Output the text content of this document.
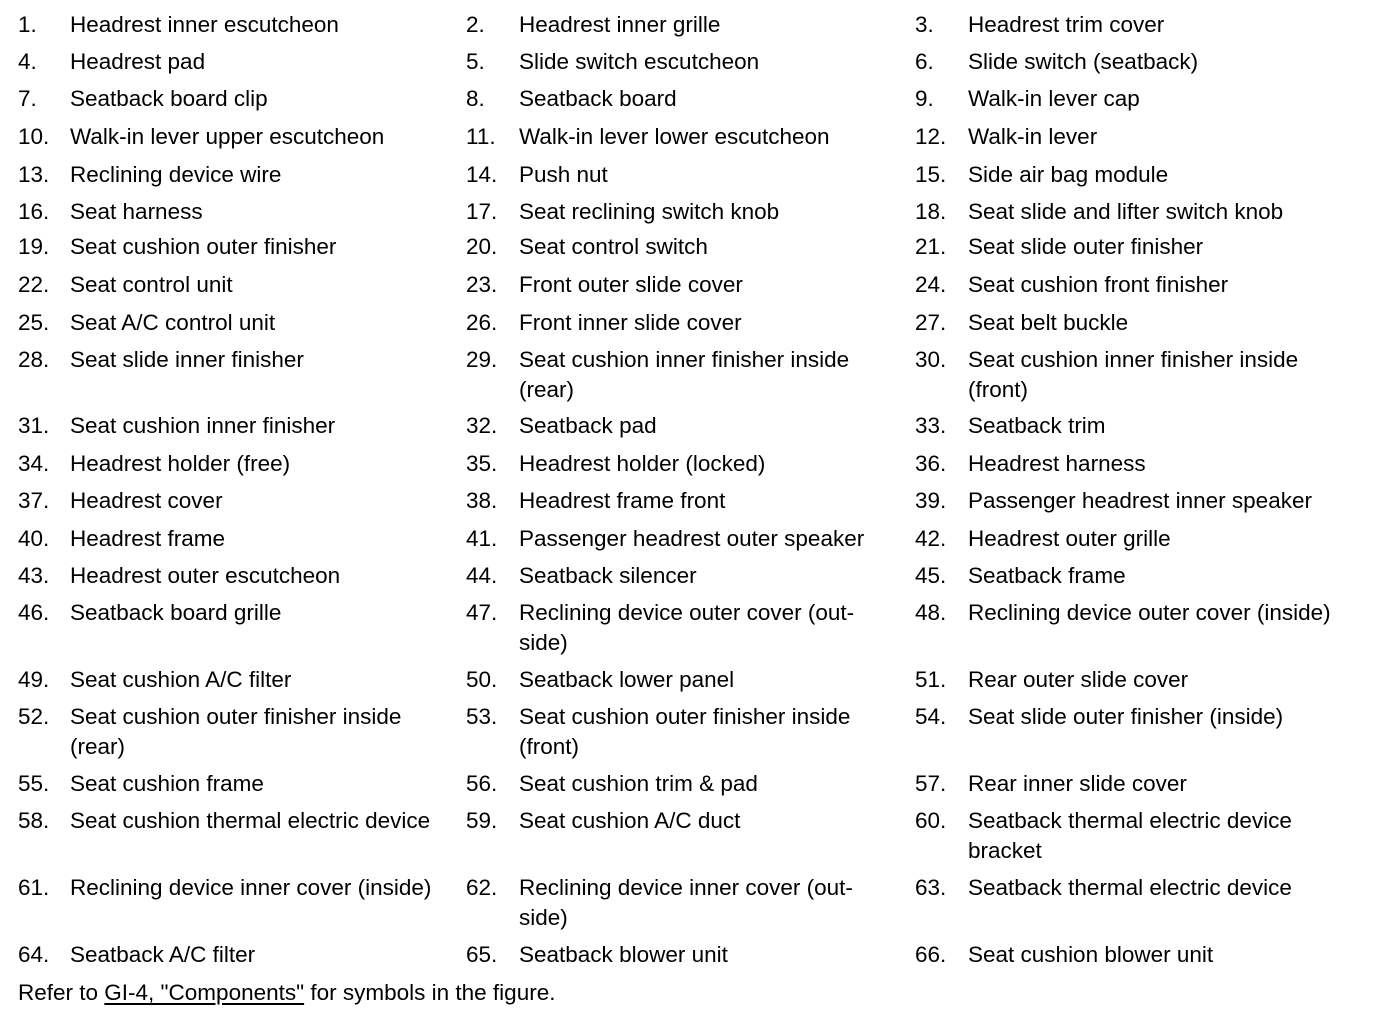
1. Headrest inner escutcheon	2. Headrest inner grille	3. Headrest trim cover
4. Headrest pad	5. Slide switch escutcheon	6. Slide switch (seatback)
7. Seatback board clip	8. Seatback board	9. Walk-in lever cap
10. Walk-in lever upper escutcheon	11. Walk-in lever lower escutcheon	12. Walk-in lever
13. Reclining device wire	14. Push nut	15. Side air bag module
16. Seat harness	17. Seat reclining switch knob	18. Seat slide and lifter switch knob
19. Seat cushion outer finisher	20. Seat control switch	21. Seat slide outer finisher
22. Seat control unit	23. Front outer slide cover	24. Seat cushion front finisher
25. Seat A/C control unit	26. Front inner slide cover	27. Seat belt buckle
28. Seat slide inner finisher	29. Seat cushion inner finisher inside
(rear)
30. Seat cushion inner finisher inside
(front)
31. Seat cushion inner finisher	32. Seatback pad	33. Seatback trim
34. Headrest holder (free)	35. Headrest holder (locked)	36. Headrest harness
37. Headrest cover	38. Headrest frame front	39. Passenger headrest inner speaker
40. Headrest frame	41. Passenger headrest outer speaker 42. Headrest outer grille
43. Headrest outer escutcheon	44. Seatback silencer	45. Seatback frame
46. Seatback board grille	47. Reclining device outer cover (out-
side)
48. Reclining device outer cover (inside)
49. Seat cushion A/C filter	50. Seatback lower panel	51. Rear outer slide cover
52. Seat cushion outer finisher inside
(rear)
53. Seat cushion outer finisher inside
(front)
54. Seat slide outer finisher (inside)
55. Seat cushion frame	56. Seat cushion trim & pad	57. Rear inner slide cover
58. Seat cushion thermal electric device 59. Seat cushion A/C duct	60. Seatback thermal electric device
bracket
61. Reclining device inner cover (inside) 62. Reclining device inner cover (out-
side)
63. Seatback thermal electric device
64. Seatback A/C filter	65. Seatback blower unit	66. Seat cushion blower unit
Refer to GI-4, "Components" for symbols in the figure.
